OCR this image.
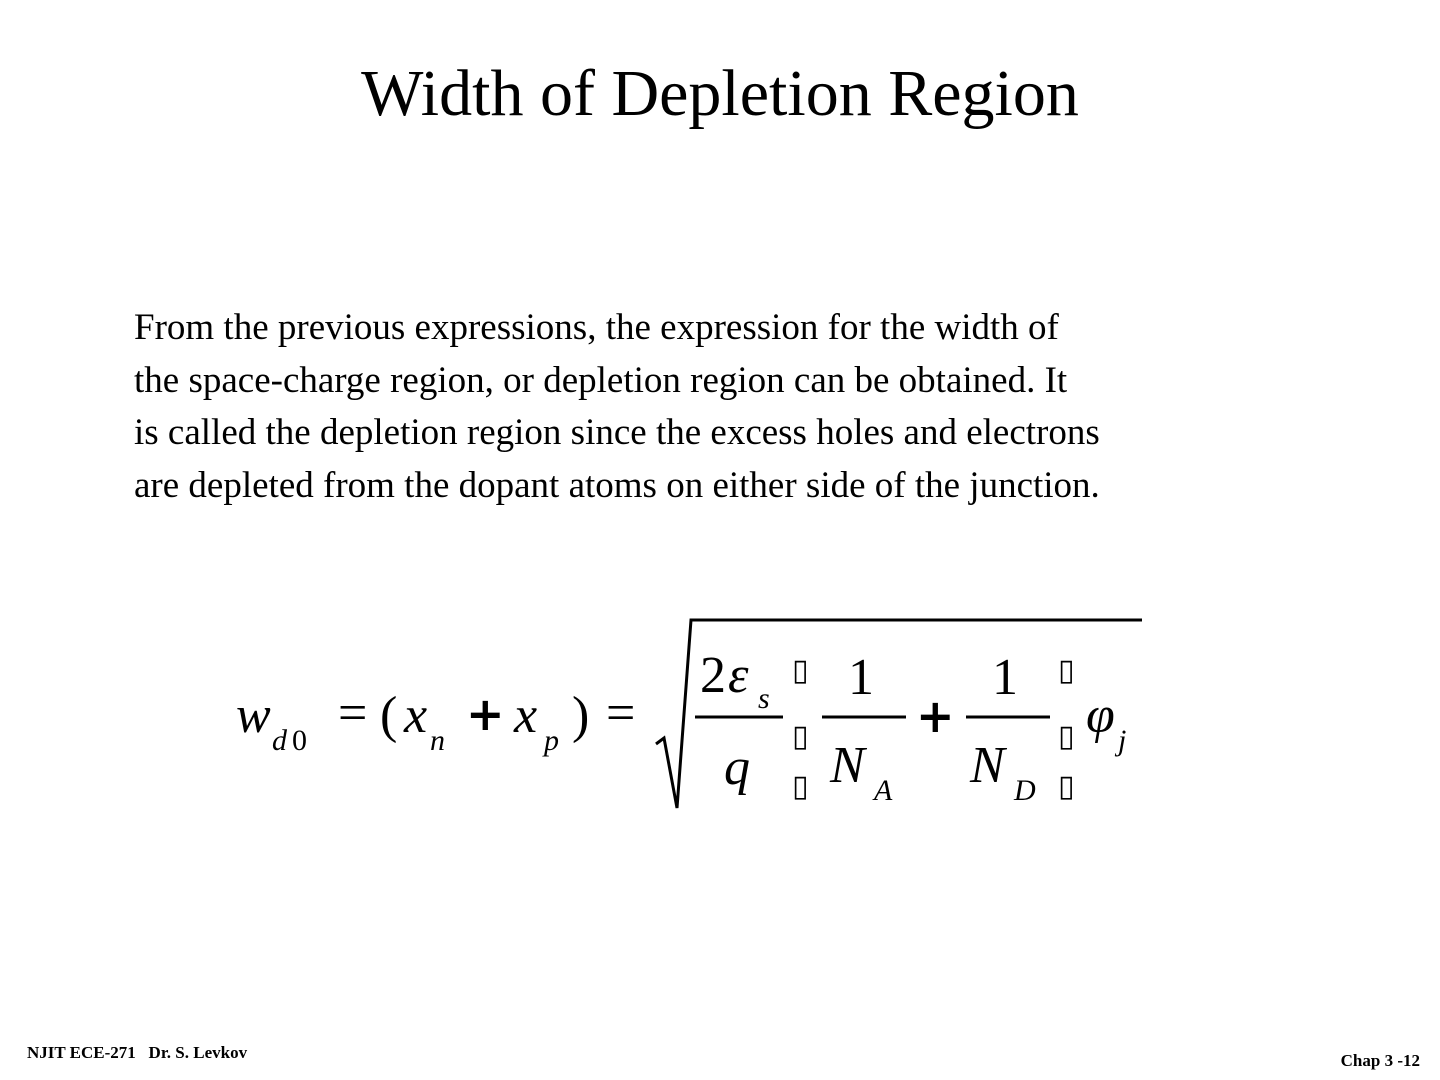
Width of Depletion Region
From the previous expressions, the expression for the width of
the space-charge region, or depletion region can be obtained. It
is called the depletion region since the excess holes and electrons
are depleted from the dopant atoms on either side of the junction.
w d 0 = ( x n + x p ) =
2 ε s
q
▯
▯
▯
1
N A
+
1
N D
▯
▯
▯
φ j
NJIT ECE-271   Dr. S. Levkov	Chap 3 -12
